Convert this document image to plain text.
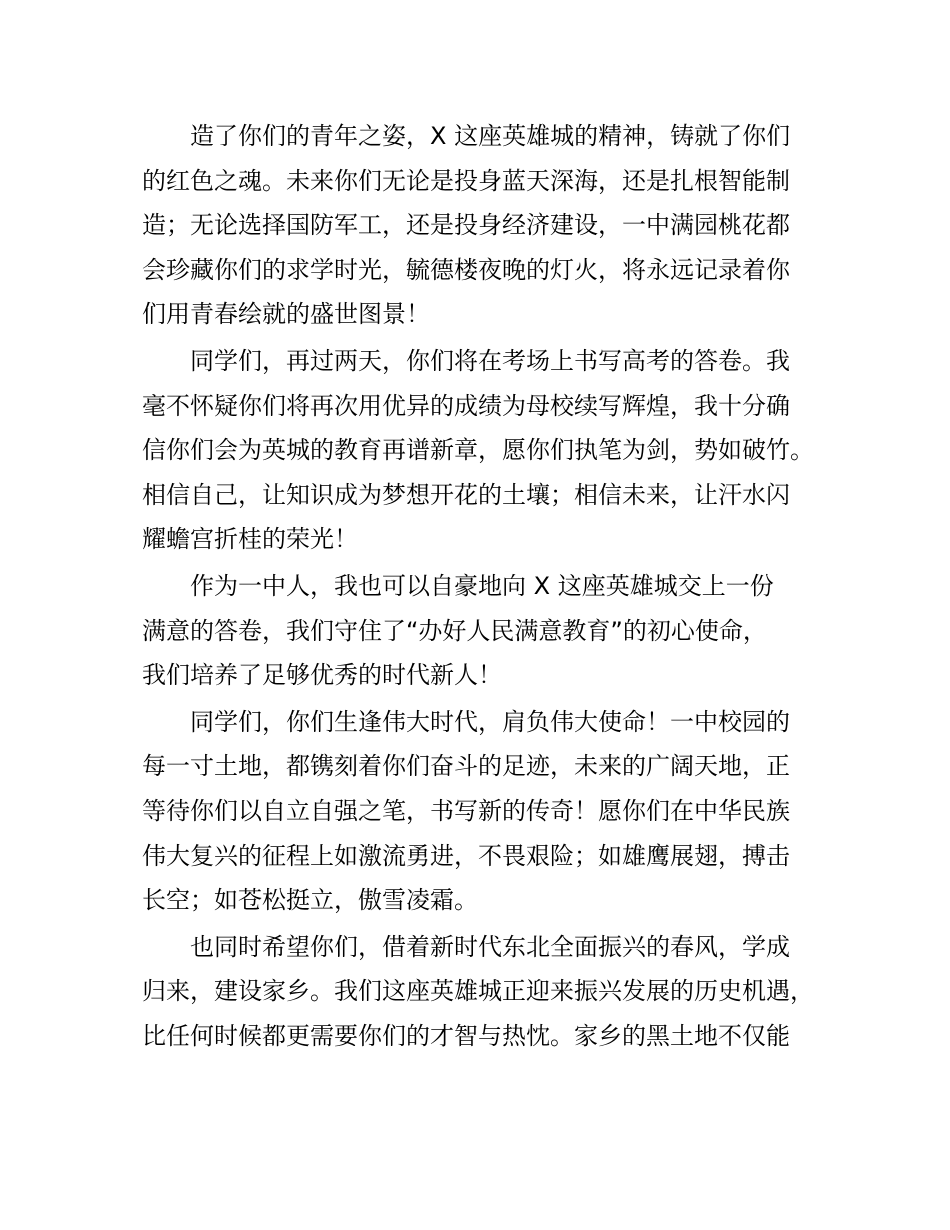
造了你们的青年之姿，X 这座英雄城的精神，铸就了你们
的红色之魂。未来你们无论是投身蓝天深海，还是扎根智能制
造；无论选择国防军工，还是投身经济建设，一中满园桃花都
会珍藏你们的求学时光，毓德楼夜晚的灯火，将永远记录着你
们用青春绘就的盛世图景！
同学们，再过两天，你们将在考场上书写高考的答卷。我
毫不怀疑你们将再次用优异的成绩为母校续写辉煌，我十分确
信你们会为英城的教育再谱新章，愿你们执笔为剑，势如破竹。
相信自己，让知识成为梦想开花的土壤；相信未来，让汗水闪
耀蟾宫折桂的荣光！
作为一中人，我也可以自豪地向 X 这座英雄城交上一份
满意的答卷，我们守住了“办好人民满意教育”的初心使命，
我们培养了足够优秀的时代新人！
同学们，你们生逢伟大时代，肩负伟大使命！一中校园的
每一寸土地，都镌刻着你们奋斗的足迹，未来的广阔天地，正
等待你们以自立自强之笔，书写新的传奇！愿你们在中华民族
伟大复兴的征程上如激流勇进，不畏艰险；如雄鹰展翅，搏击
长空；如苍松挺立，傲雪凌霜。
也同时希望你们，借着新时代东北全面振兴的春风，学成
归来，建设家乡。我们这座英雄城正迎来振兴发展的历史机遇，
比任何时候都更需要你们的才智与热忱。家乡的黑土地不仅能
